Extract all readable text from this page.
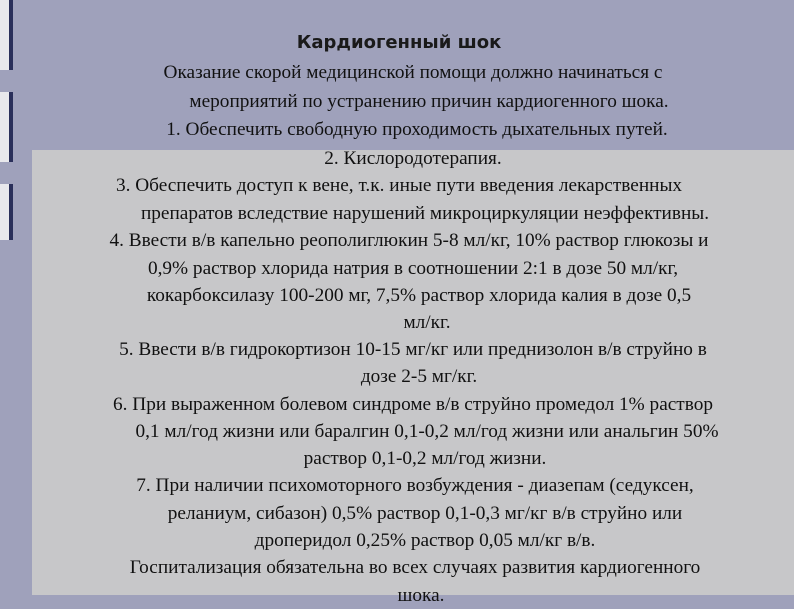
Кардиогенный шок
Оказание скорой медицинской помощи должно начинаться с
мероприятий по устранению причин кардиогенного шока.
1. Обеспечить свободную проходимость дыхательных путей.
2. Кислородотерапия.
3. Обеспечить доступ к вене, т.к. иные пути введения лекарственных
препаратов вследствие нарушений микроциркуляции неэффективны.
4. Ввести в/в капельно реополиглюкин 5-8 мл/кг, 10% раствор глюкозы и
0,9% раствор хлорида натрия в соотношении 2:1 в дозе 50 мл/кг,
кокарбоксилазу 100-200 мг, 7,5% раствор хлорида калия в дозе 0,5
мл/кг.
5. Ввести в/в гидрокортизон 10-15 мг/кг или преднизолон в/в струйно в
дозе 2-5 мг/кг.
6. При выраженном болевом синдроме в/в струйно промедол 1% раствор
0,1 мл/год жизни или баралгин 0,1-0,2 мл/год жизни или анальгин 50%
раствор 0,1-0,2 мл/год жизни.
7. При наличии психомоторного возбуждения - диазепам (седуксен,
реланиум, сибазон) 0,5% раствор 0,1-0,3 мг/кг в/в струйно или
дроперидол 0,25% раствор 0,05 мл/кг в/в.
Госпитализация обязательна во всех случаях развития кардиогенного
шока.
